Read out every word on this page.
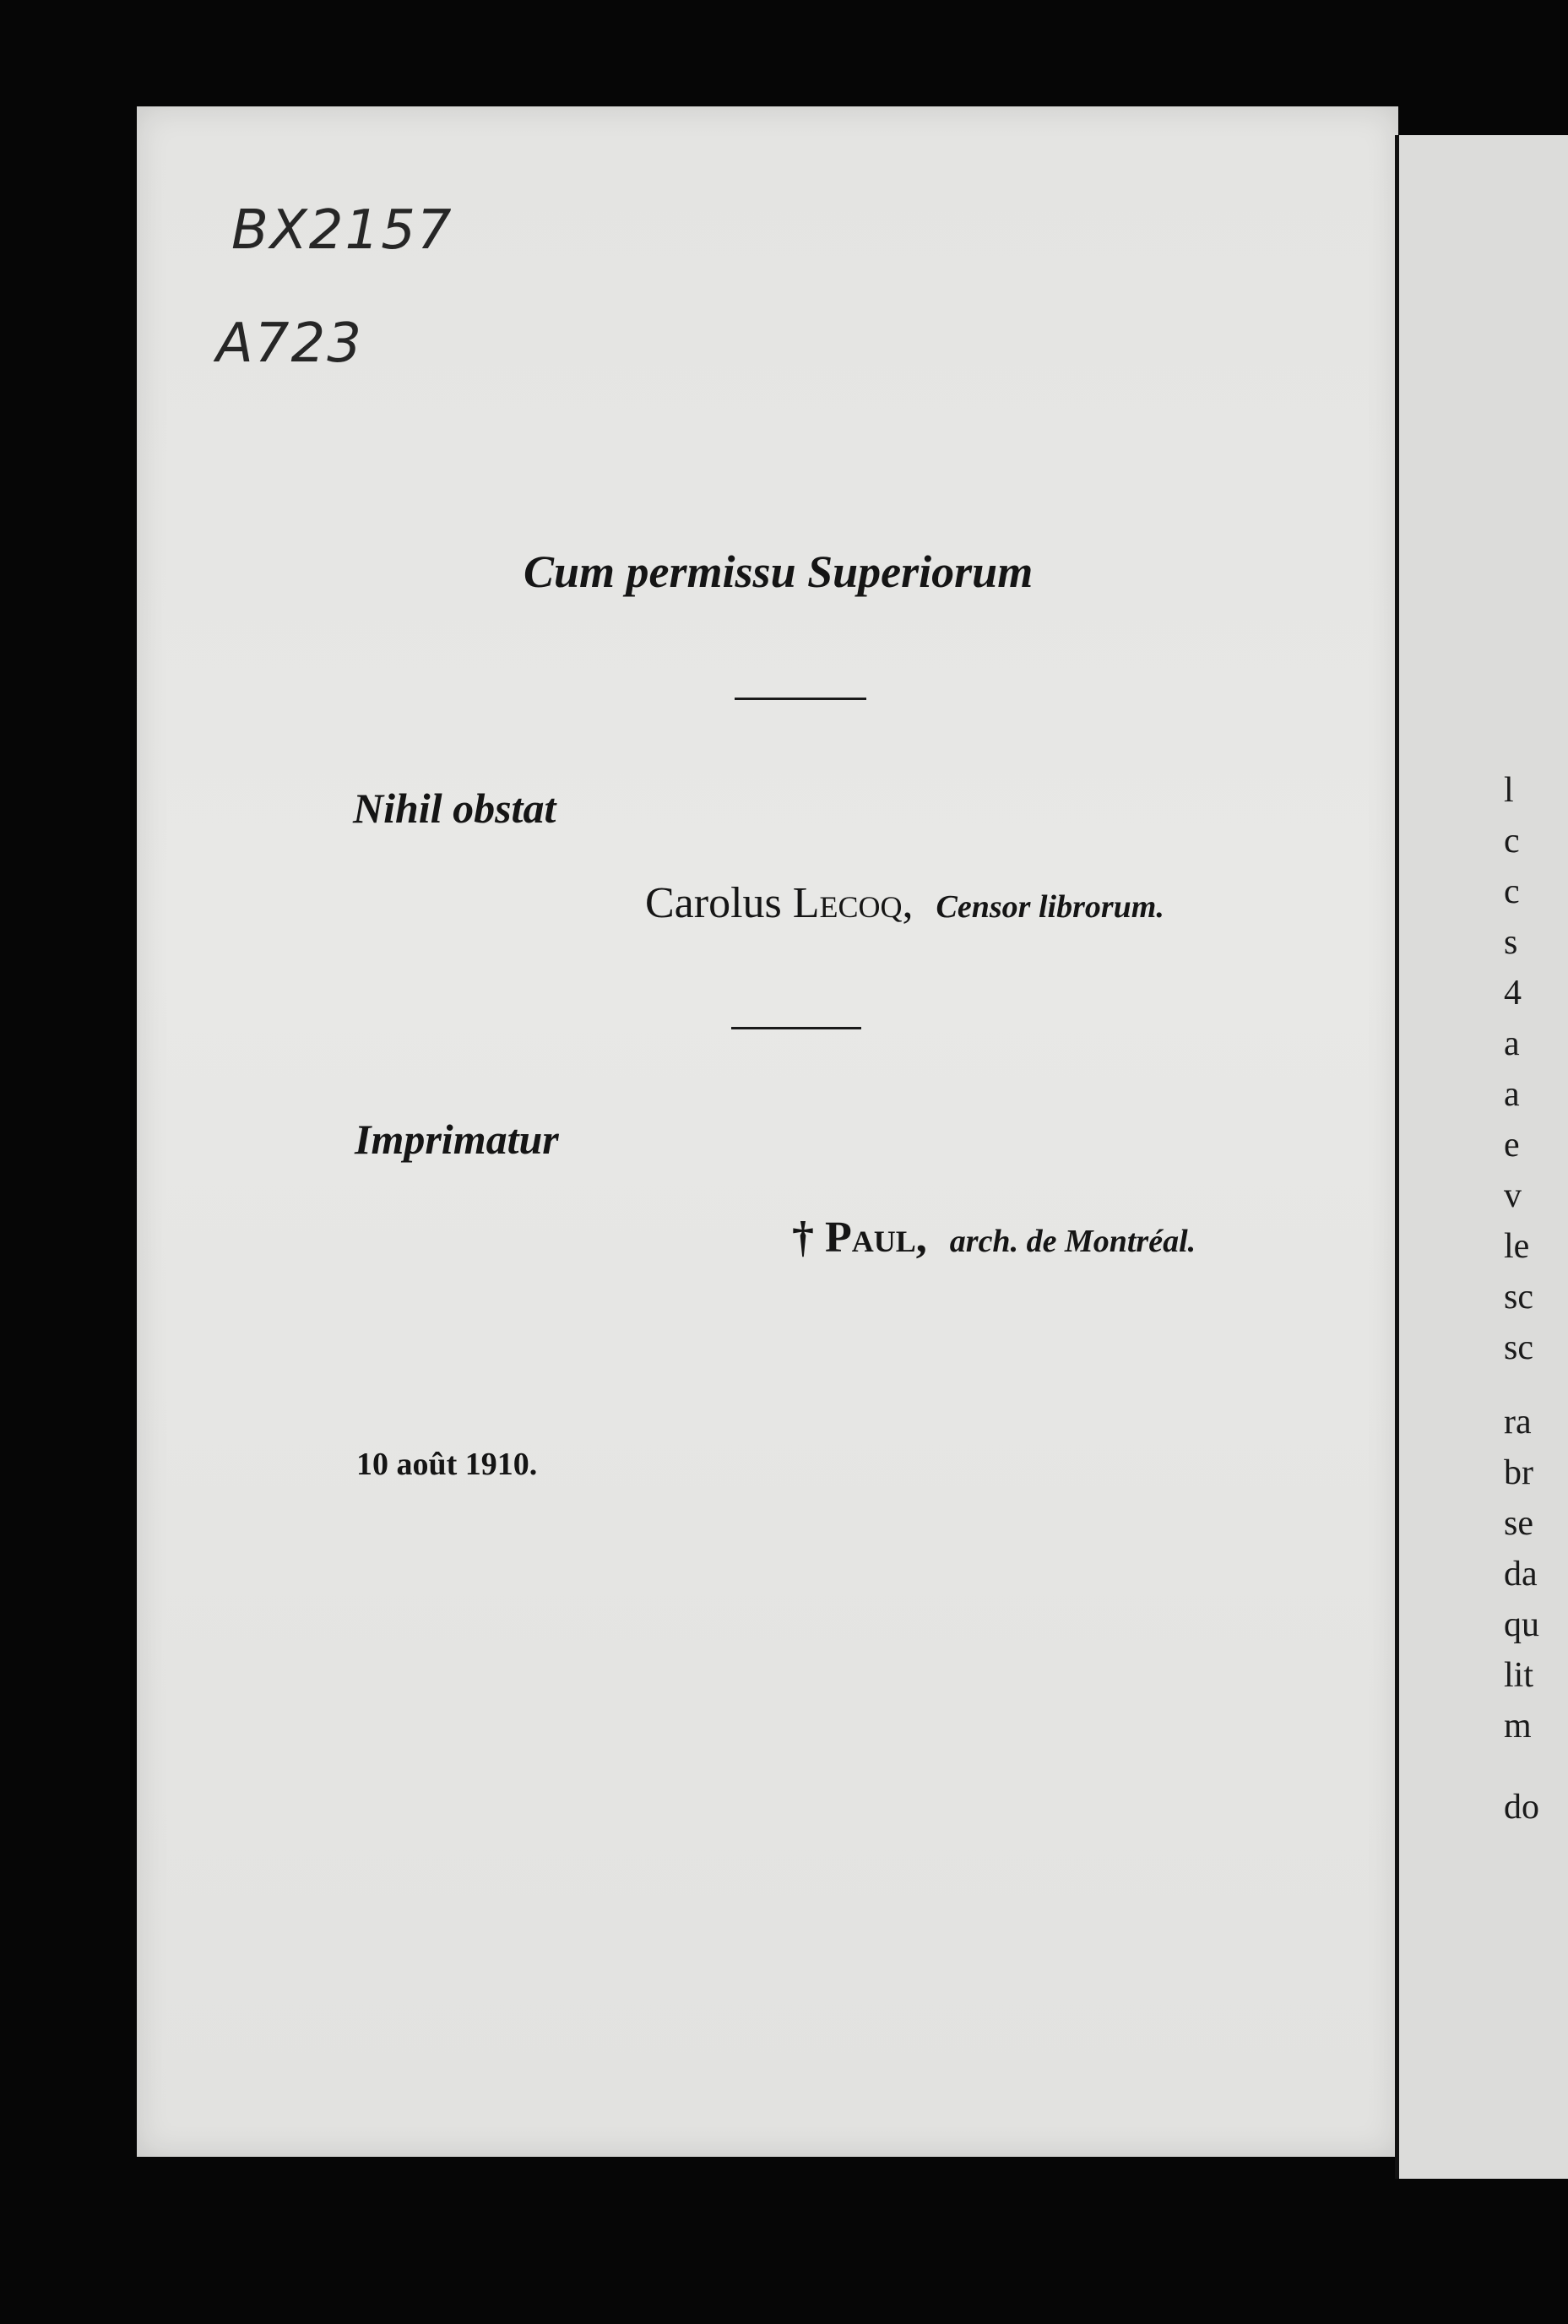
l
c
c
s
4
a
a
e
v
le
sc
sc
ra
br
se
da
qu
lit
m
do
BX2157
A723
Cum permissu Superiorum
Nihil obstat
Carolus Lecoq, Censor librorum.
Imprimatur
† Paul, arch. de Montréal.
10 août 1910.
